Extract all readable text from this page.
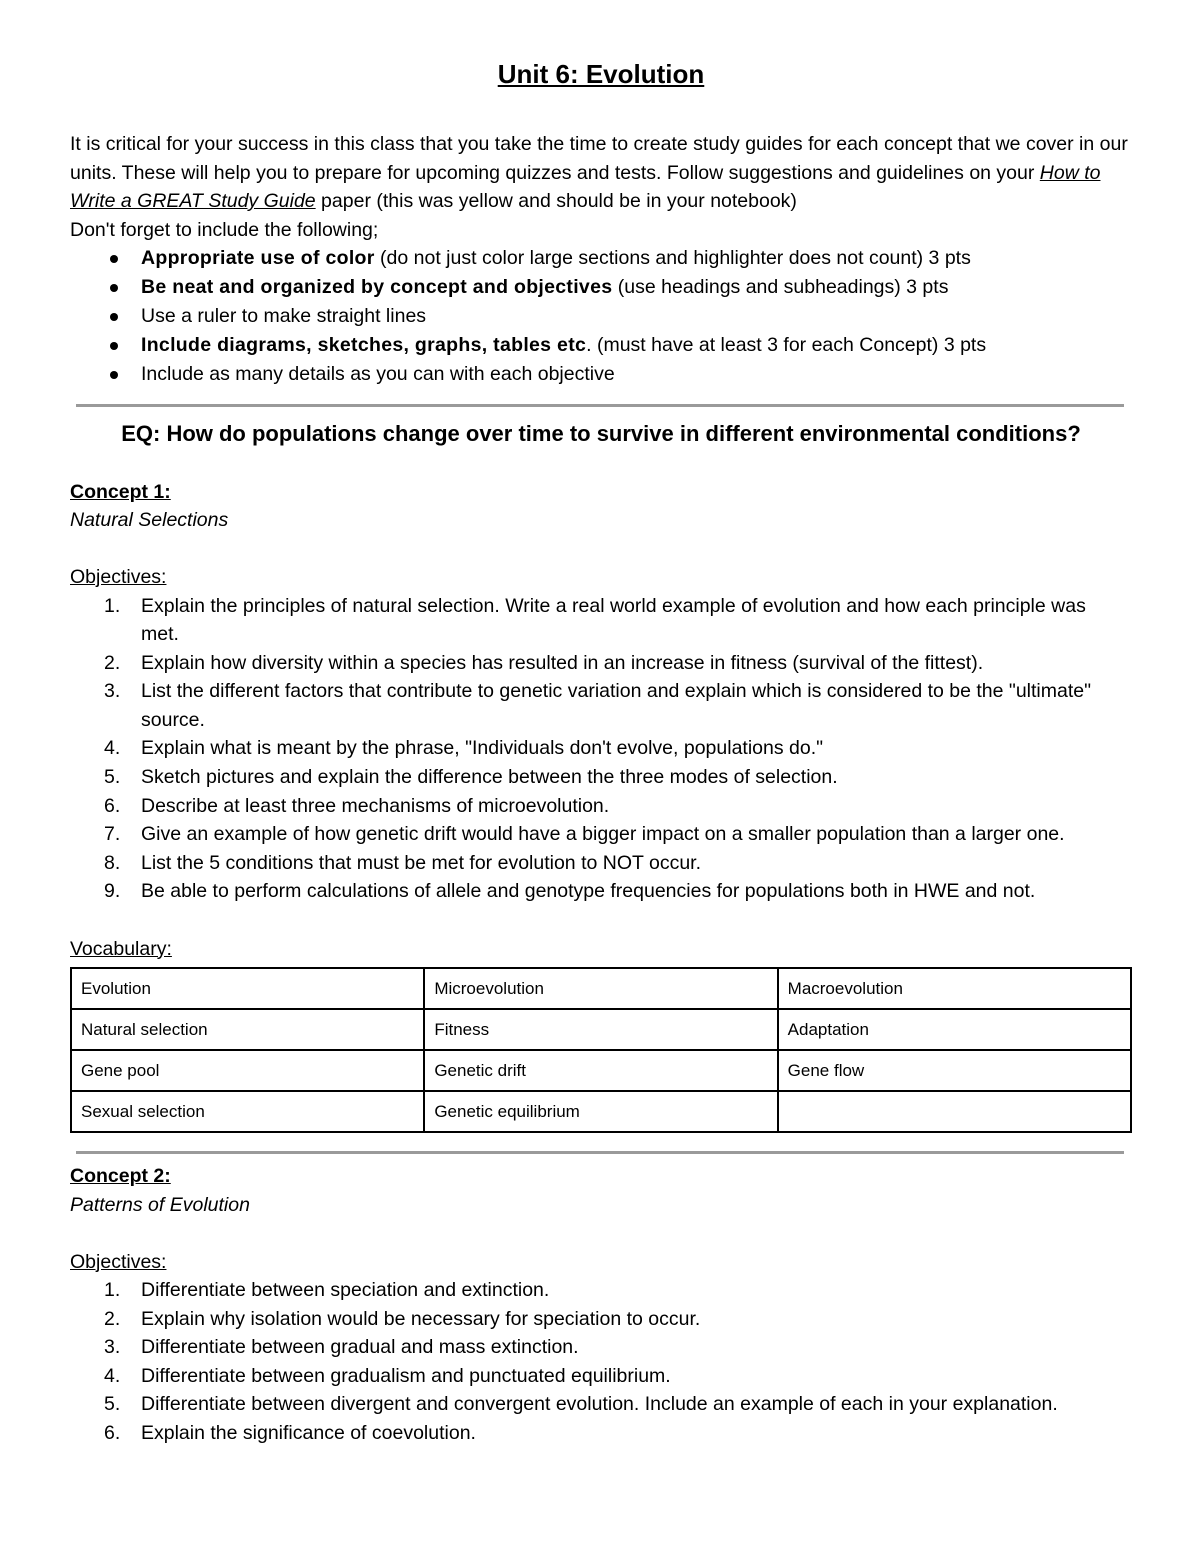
Unit 6: Evolution

It is critical for your success in this class that you take the time to create study guides for each concept that we cover in our units. These will help you to prepare for upcoming quizzes and tests. Follow suggestions and guidelines on your How to Write a GREAT Study Guide paper (this was yellow and should be in your notebook)

Don't forget to include the following;

Appropriate use of color (do not just color large sections and highlighter does not count) 3 pts
Be neat and organized by concept and objectives (use headings and subheadings) 3 pts
Use a ruler to make straight lines
Include diagrams, sketches, graphs, tables etc. (must have at least 3 for each Concept) 3 pts
Include as many details as you can with each objective
EQ: How do populations change over time to survive in different environmental conditions?
Concept 1:
Natural Selections
Objectives:
1. Explain the principles of natural selection. Write a real world example of evolution and how each principle was met.
2. Explain how diversity within a species has resulted in an increase in fitness (survival of the fittest).
3. List the different factors that contribute to genetic variation and explain which is considered to be the "ultimate" source.
4. Explain what is meant by the phrase, "Individuals don't evolve, populations do."
5. Sketch pictures and explain the difference between the three modes of selection.
6. Describe at least three mechanisms of microevolution.
7. Give an example of how genetic drift would have a bigger impact on a smaller population than a larger one.
8. List the 5 conditions that must be met for evolution to NOT occur.
9. Be able to perform calculations of allele and genotype frequencies for populations both in HWE and not.
Vocabulary:
Evolution	Microevolution	Macroevolution
Natural selection	Fitness	Adaptation
Gene pool	Genetic drift	Gene flow
Sexual selection	Genetic equilibrium	
Concept 2:
Patterns of Evolution
Objectives:
1. Differentiate between speciation and extinction.
2. Explain why isolation would be necessary for speciation to occur.
3. Differentiate between gradual and mass extinction.
4. Differentiate between gradualism and punctuated equilibrium.
5. Differentiate between divergent and convergent evolution. Include an example of each in your explanation.
6. Explain the significance of coevolution.
